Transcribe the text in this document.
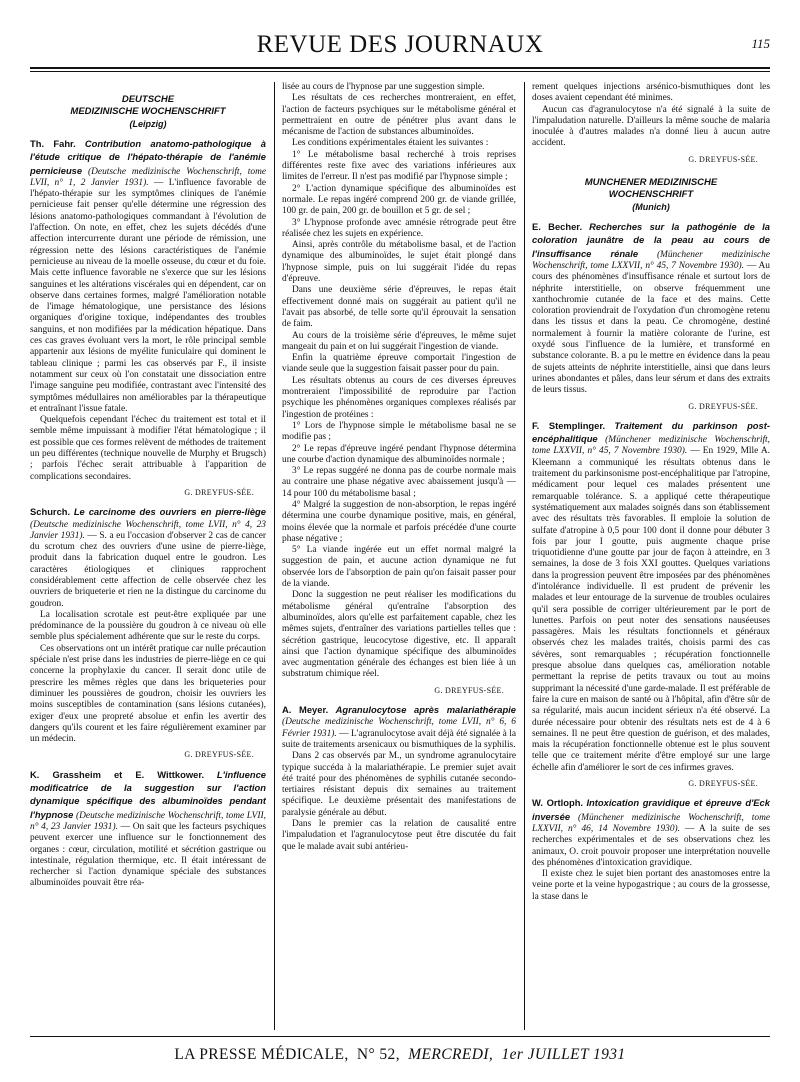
REVUE DES JOURNAUX	115
DEUTSCHE
MEDIZINISCHE WOCHENSCHRIFT
(Leipzig)

Th. Fahr. Contribution anatomo-pathologique à l'étude critique de l'hépato-thérapie de l'anémie pernicieuse (Deutsche medizinische Wochenschrift, tome LVII, n° 1, 2 Janvier 1931). — L'influence favorable de l'hépato-thérapie sur les symptômes cliniques de l'anémie pernicieuse fait penser qu'elle détermine une régression des lésions anatomo-pathologiques commandant à l'évolution de l'affection. On note, en effet, chez les sujets décédés d'une affection intercurrente durant une période de rémission, une régression nette des lésions caractéristiques de l'anémie pernicieuse au niveau de la moelle osseuse, du cœur et du foie. Mais cette influence favorable ne s'exerce que sur les lésions sanguines et les altérations viscérales qui en dépendent, car on observe dans certaines formes, malgré l'amélioration notable de l'image hématologique, une persistance des lésions organiques d'origine toxique, indépendantes des troubles sanguins, et non modifiées par la médication hépatique. Dans ces cas graves évoluant vers la mort, le rôle principal semble appartenir aux lésions de myélite funiculaire qui dominent le tableau clinique ; parmi les cas observés par F., il insiste notamment sur ceux où l'on constatait une dissociation entre l'image sanguine peu modifiée, contrastant avec l'intensité des symptômes médullaires non améliorables par la thérapeutique et entraînant l'issue fatale.

Quelquefois cependant l'échec du traitement est total et il semble même impuissant à modifier l'état hématologique ; il est possible que ces formes relèvent de méthodes de traitement un peu différentes (technique nouvelle de Murphy et Brugsch) ; parfois l'échec serait attribuable à l'apparition de complications secondaires.

G. DREYFUS-SÉE.

Schurch. Le carcinome des ouvriers en pierre-liège (Deutsche medizinische Wochenschrift, tome LVII, n° 4, 23 Janvier 1931). — S. a eu l'occasion d'observer 2 cas de cancer du scrotum chez des ouvriers d'une usine de pierre-liège, produit dans la fabrication duquel entre le goudron. Les caractères étiologiques et cliniques rapprochent considérablement cette affection de celle observée chez les ouvriers de briqueterie et rien ne la distingue du carcinome du goudron.

La localisation scrotale est peut-être expliquée par une prédominance de la poussière du goudron à ce niveau où elle semble plus spécialement adhérente que sur le reste du corps.

Ces observations ont un intérêt pratique car nulle précaution spéciale n'est prise dans les industries de pierre-liège en ce qui concerne la prophylaxie du cancer. Il serait donc utile de prescrire les mêmes règles que dans les briqueteries pour diminuer les poussières de goudron, choisir les ouvriers les moins susceptibles de contamination (sans lésions cutanées), exiger d'eux une propreté absolue et enfin les avertir des dangers qu'ils courent et les faire régulièrement examiner par un médecin.

G. DREYFUS-SÉE.

K. Grassheim et E. Wittkower. L'influence modificatrice de la suggestion sur l'action dynamique spécifique des albuminoïdes pendant l'hypnose (Deutsche medizinische Wochenschrift, tome LVII, n° 4, 23 Janvier 1931). — On sait que les facteurs psychiques peuvent exercer une influence sur le fonctionnement des organes : cœur, circulation, motilité et sécrétion gastrique ou intestinale, régulation thermique, etc. Il était intéressant de rechercher si l'action dynamique spéciale des substances albuminoïdes pouvait être réa-

lisée au cours de l'hypnose par une suggestion simple.

Les résultats de ces recherches montreraient, en effet, l'action de facteurs psychiques sur le métabolisme général et permettraient en outre de pénétrer plus avant dans le mécanisme de l'action de substances albuminoïdes.

Les conditions expérimentales étaient les suivantes :

1° Le métabolisme basal recherché à trois reprises différentes reste fixe avec des variations inférieures aux limites de l'erreur. Il n'est pas modifié par l'hypnose simple ;

2° L'action dynamique spécifique des albuminoïdes est normale. Le repas ingéré comprend 200 gr. de viande grillée, 100 gr. de pain, 200 gr. de bouillon et 5 gr. de sel ;

3° L'hypnose profonde avec amnésie rétrograde peut être réalisée chez les sujets en expérience.

Ainsi, après contrôle du métabolisme basal, et de l'action dynamique des albuminoïdes, le sujet était plongé dans l'hypnose simple, puis on lui suggérait l'idée du repas d'épreuve.

Dans une deuxième série d'épreuves, le repas était effectivement donné mais on suggérait au patient qu'il ne l'avait pas absorbé, de telle sorte qu'il éprouvait la sensation de faim.

Au cours de la troisième série d'épreuves, le même sujet mangeait du pain et on lui suggérait l'ingestion de viande.

Enfin la quatrième épreuve comportait l'ingestion de viande seule que la suggestion faisait passer pour du pain.

Les résultats obtenus au cours de ces diverses épreuves montreraient l'impossibilité de reproduire par l'action psychique les phénomènes organiques complexes réalisés par l'ingestion de protéines :

1° Lors de l'hypnose simple le métabolisme basal ne se modifie pas ;

2° Le repas d'épreuve ingéré pendant l'hypnose détermina une courbe d'action dynamique des albuminoïdes normale ;

3° Le repas suggéré ne donna pas de courbe normale mais au contraire une phase négative avec abaissement jusqu'à —14 pour 100 du métabolisme basal ;

4° Malgré la suggestion de non-absorption, le repas ingéré détermina une courbe dynamique positive, mais, en général, moins élevée que la normale et parfois précédée d'une courte phase négative ;

5° La viande ingérée eut un effet normal malgré la suggestion de pain, et aucune action dynamique ne fut observée lors de l'absorption de pain qu'on faisait passer pour de la viande.

Donc la suggestion ne peut réaliser les modifications du métabolisme général qu'entraîne l'absorption des albuminoïdes, alors qu'elle est parfaitement capable, chez les mêmes sujets, d'entraîner des variations partielles telles que : sécrétion gastrique, leucocytose digestive, etc. Il apparaît ainsi que l'action dynamique spécifique des albuminoïdes avec augmentation générale des échanges est bien liée à un substratum chimique réel.

G. DREYFUS-SÉE.

A. Meyer. Agranulocytose après malariathérapie (Deutsche medizinische Wochenschrift, tome LVII, n° 6, 6 Février 1931). — L'agranulocytose avait déjà été signalée à la suite de traitements arsenicaux ou bismuthiques de la syphilis.

Dans 2 cas observés par M., un syndrome agranulocytaire typique succéda à la malariathérapie. Le premier sujet avait été traité pour des phénomènes de syphilis cutanée secondo-tertiaires résistant depuis dix semaines au traitement spécifique. Le deuxième présentait des manifestations de paralysie générale au début.

Dans le premier cas la relation de causalité entre l'impaludation et l'agranulocytose peut être discutée du fait que le malade avait subi antérieu-

rement quelques injections arsénico-bismuthiques dont les doses avaient cependant été minimes.

Aucun cas d'agranulocytose n'a été signalé à la suite de l'impaludation naturelle. D'ailleurs la même souche de malaria inoculée à d'autres malades n'a donné lieu à aucun autre accident.

G. DREYFUS-SÉE.
MUNCHENER MEDIZINISCHE
WOCHENSCHRIFT
(Munich)

E. Becher. Recherches sur la pathogénie de la coloration jaunâtre de la peau au cours de l'insuffisance rénale (Münchener medizinische Wochenschrift, tome LXXVII, n° 45, 7 Novembre 1930). — Au cours des phénomènes d'insuffisance rénale et surtout lors de néphrite interstitielle, on observe fréquemment une xanthochromie cutanée de la face et des mains. Cette coloration proviendrait de l'oxydation d'un chromogène retenu dans les tissus et dans la peau. Ce chromogène, destiné normalement à fournir la matière colorante de l'urine, est oxydé sous l'influence de la lumière, et transformé en substance colorante. B. a pu le mettre en évidence dans la peau de sujets atteints de néphrite interstitielle, ainsi que dans leurs urines abondantes et pâles, dans leur sérum et dans des extraits de leurs tissus.

G. DREYFUS-SÉE.

F. Stemplinger. Traitement du parkinson post-encéphalitique (Münchener medizinische Wochenschrift, tome LXXVII, n° 45, 7 Novembre 1930). — En 1929, Mlle A. Kleemann a communiqué les résultats obtenus dans le traitement du parkinsonisme post-encéphalitique par l'atropine, médicament pour lequel ces malades présentent une remarquable tolérance. S. a appliqué cette thérapeutique systématiquement aux malades soignés dans son établissement avec des résultats très favorables. Il emploie la solution de sulfate d'atropine à 0,5 pour 100 dont il donne pour débuter 3 fois par jour I goutte, puis augmente chaque prise triquotidienne d'une goutte par jour de façon à atteindre, en 3 semaines, la dose de 3 fois XXI gouttes. Quelques variations dans la progression peuvent être imposées par des phénomènes d'intolérance individuelle. Il est prudent de prévenir les malades et leur entourage de la survenue de troubles oculaires qu'il sera possible de corriger ultérieurement par le port de lunettes. Parfois on peut noter des sensations nauséeuses passagères. Mais les résultats fonctionnels et généraux observés chez les malades traités, choisis parmi des cas sévères, sont remarquables ; récupération fonctionnelle presque absolue dans quelques cas, amélioration notable permettant la reprise de petits travaux ou tout au moins supprimant la nécessité d'une garde-malade. Il est préférable de faire la cure en maison de santé ou à l'hôpital, afin d'être sûr de sa régularité, mais aucun incident sérieux n'a été observé. La durée nécessaire pour obtenir des résultats nets est de 4 à 6 semaines. Il ne peut être question de guérison, et des malades, mais la récupération fonctionnelle obtenue est le plus souvent telle que ce traitement mérite d'être employé sur une large échelle afin d'améliorer le sort de ces infirmes graves.

G. DREYFUS-SÉE.

W. Ortloph. Intoxication gravidique et épreuve d'Eck inversée (Münchener medizinische Wochenschrift, tome LXXVII, n° 46, 14 Novembre 1930). — A la suite de ses recherches expérimentales et de ses observations chez les animaux, O. croit pouvoir proposer une interprétation nouvelle des phénomènes d'intoxication gravidique.

Il existe chez le sujet bien portant des anastomoses entre la veine porte et la veine hypogastrique ; au cours de la grossesse, la stase dans le

LA PRESSE MÉDICALE, N° 52, MERCREDI, 1er JUILLET 1931
